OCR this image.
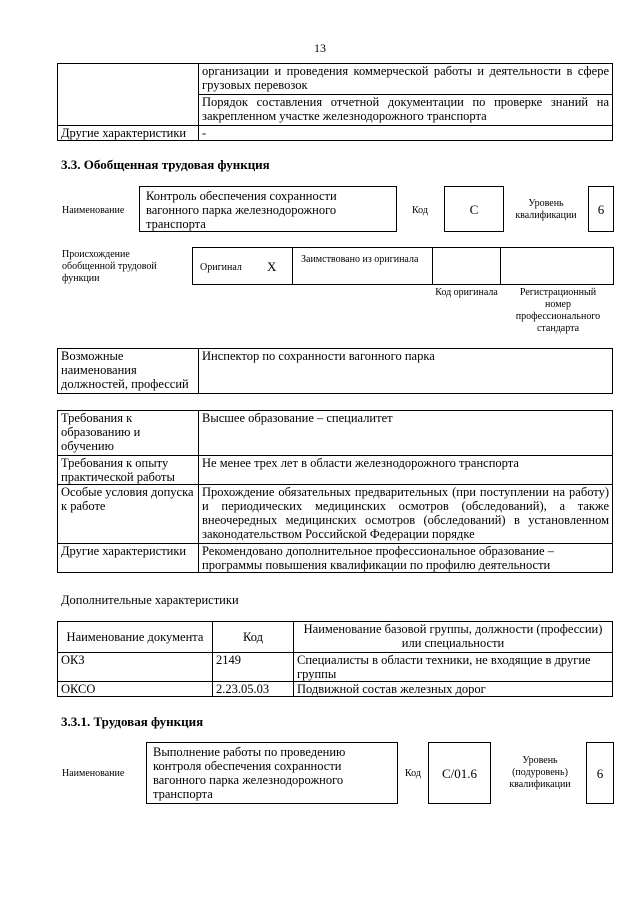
13
	организации и проведения коммерческой работы и деятельности в сфере грузовых перевозок
	Порядок составления отчетной документации по проверке знаний на закрепленном участке железнодорожного транспорта
Другие характеристики	-
3.3. Обобщенная трудовая функция
Наименование
Контроль обеспечения сохранности вагонного парка железнодорожного транспорта
Код	C	Уровень квалификации	6
Происхождение обобщенной трудовой функции
Оригинал X	Заимствовано из оригинала
Код оригинала	Регистрационный номер профессионального стандарта
Возможные наименования должностей, профессий	Инспектор по сохранности вагонного парка
Требования к образованию и обучению	Высшее образование – специалитет
Требования к опыту практической работы	Не менее трех лет в области железнодорожного транспорта
Особые условия допуска к работе	Прохождение обязательных предварительных (при поступлении на работу) и периодических медицинских осмотров (обследований), а также внеочередных медицинских осмотров (обследований) в установленном законодательством Российской Федерации порядке
Другие характеристики	Рекомендовано дополнительное профессиональное образование – программы повышения квалификации по профилю деятельности
Дополнительные характеристики
Наименование документа	Код	Наименование базовой группы, должности (профессии) или специальности
ОКЗ	2149	Специалисты в области техники, не входящие в другие группы
ОКСО	2.23.05.03	Подвижной состав железных дорог
3.3.1. Трудовая функция
Наименование
Выполнение работы по проведению контроля обеспечения сохранности вагонного парка железнодорожного транспорта
Код	C/01.6
Уровень (подуровень) квалификации
6
